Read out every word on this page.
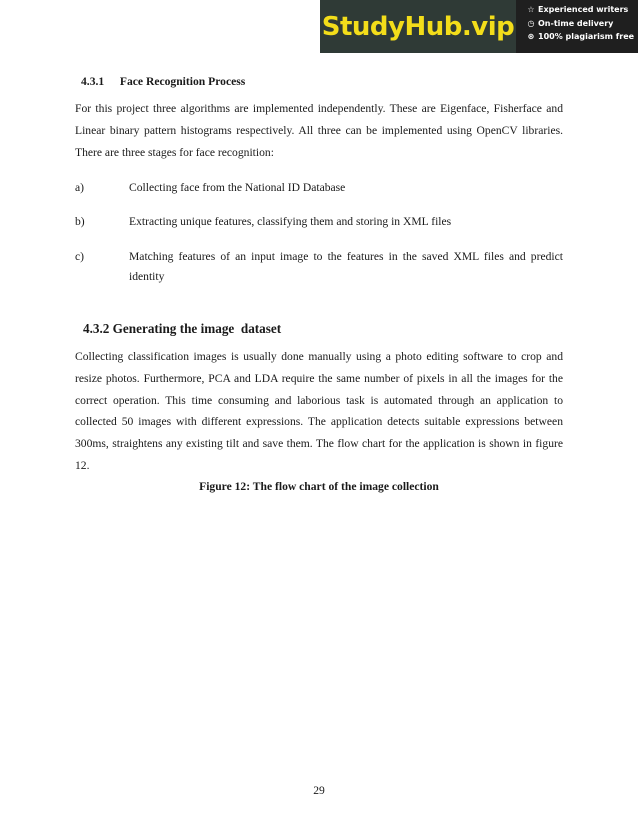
StudyHub.vip
☆ Experienced writers
◷ On-time delivery
⊛ 100% plagiarism free
4.3.1 Face Recognition Process
For this project three algorithms are implemented independently. These are Eigenface, Fisherface and Linear binary pattern histograms respectively. All three can be implemented using OpenCV libraries. There are three stages for face recognition:
a)	Collecting face from the National ID Database
b)	Extracting unique features, classifying them and storing in XML files
c)	Matching features of an input image to the features in the saved XML files and predict identity
4.3.2 Generating the image  dataset
Collecting classification images is usually done manually using a photo editing software to crop and resize photos. Furthermore, PCA and LDA require the same number of pixels in all the images for the correct operation. This time consuming and laborious task is automated through an application to collected 50 images with different expressions. The application detects suitable expressions between 300ms, straightens any existing tilt and save them. The flow chart for the application is shown in figure 12.
Figure 12: The flow chart of the image collection
29
